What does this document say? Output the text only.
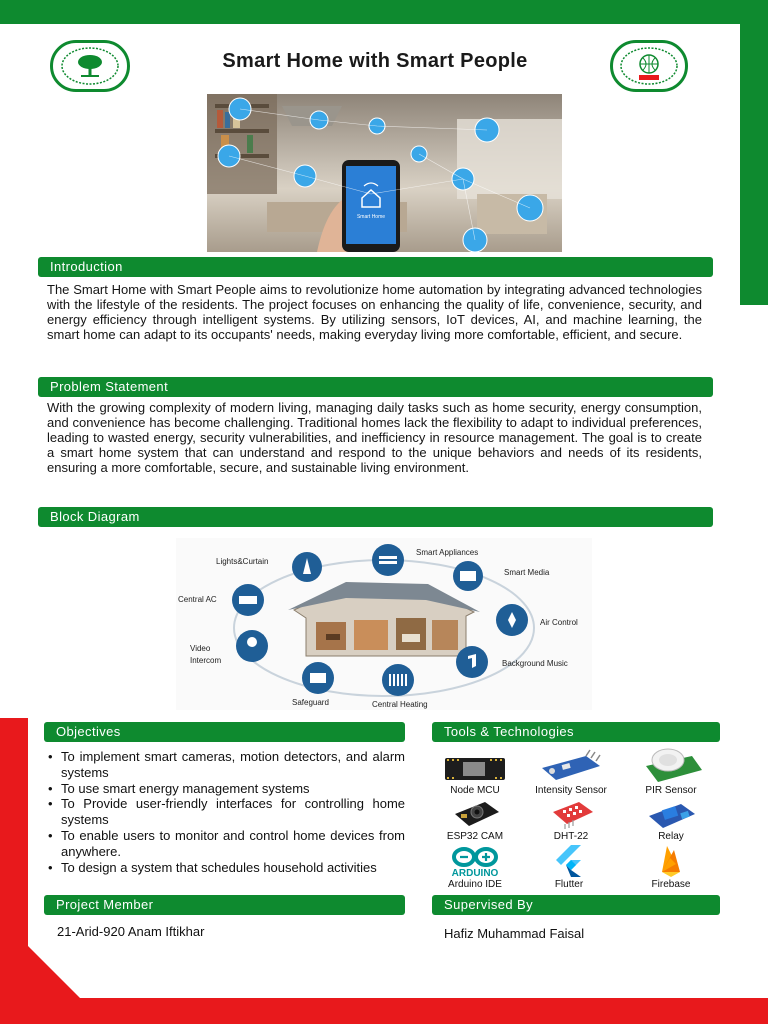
Smart Home with Smart People
Smart Home
Introduction

The Smart Home with Smart People aims to revolutionize home automation by integrating advanced technologies with the lifestyle of the residents. The project focuses on enhancing the quality of life, convenience, security, and energy efficiency through intelligent systems. By utilizing sensors, IoT devices, AI, and machine learning, the smart home can adapt to its occupants' needs, making everyday living more comfortable, efficient, and secure.

Problem Statement

With the growing complexity of modern living, managing daily tasks such as home security, energy consumption, and convenience has become challenging. Traditional homes lack the flexibility to adapt to individual preferences, leading to wasted energy, security vulnerabilities, and inefficiency in resource management. The goal is to create a smart home system that can understand and respond to the unique behaviors and needs of its residents, ensuring a more comfortable, secure, and sustainable living environment.

Block Diagram
Lights&Curtain
Smart Appliances
Smart Media
Central AC
Air Control
Video
Intercom	Background Music
Safeguard	Central Heating
Objectives
• To implement smart cameras, motion detectors, and alarm systems
• To use smart energy management systems
• To Provide user-friendly interfaces for controlling home systems
• To enable users to monitor and control home devices from anywhere.
• To design a system that schedules household activities
Tools & Technologies
Node MCU	Intensity Sensor	PIR Sensor
ESP32 CAM	DHT-22	Relay
ARDUINO
Arduino IDE	Flutter	Firebase
Project Member
21-Arid-920 Anam Iftikhar
Supervised By
Hafiz Muhammad Faisal
